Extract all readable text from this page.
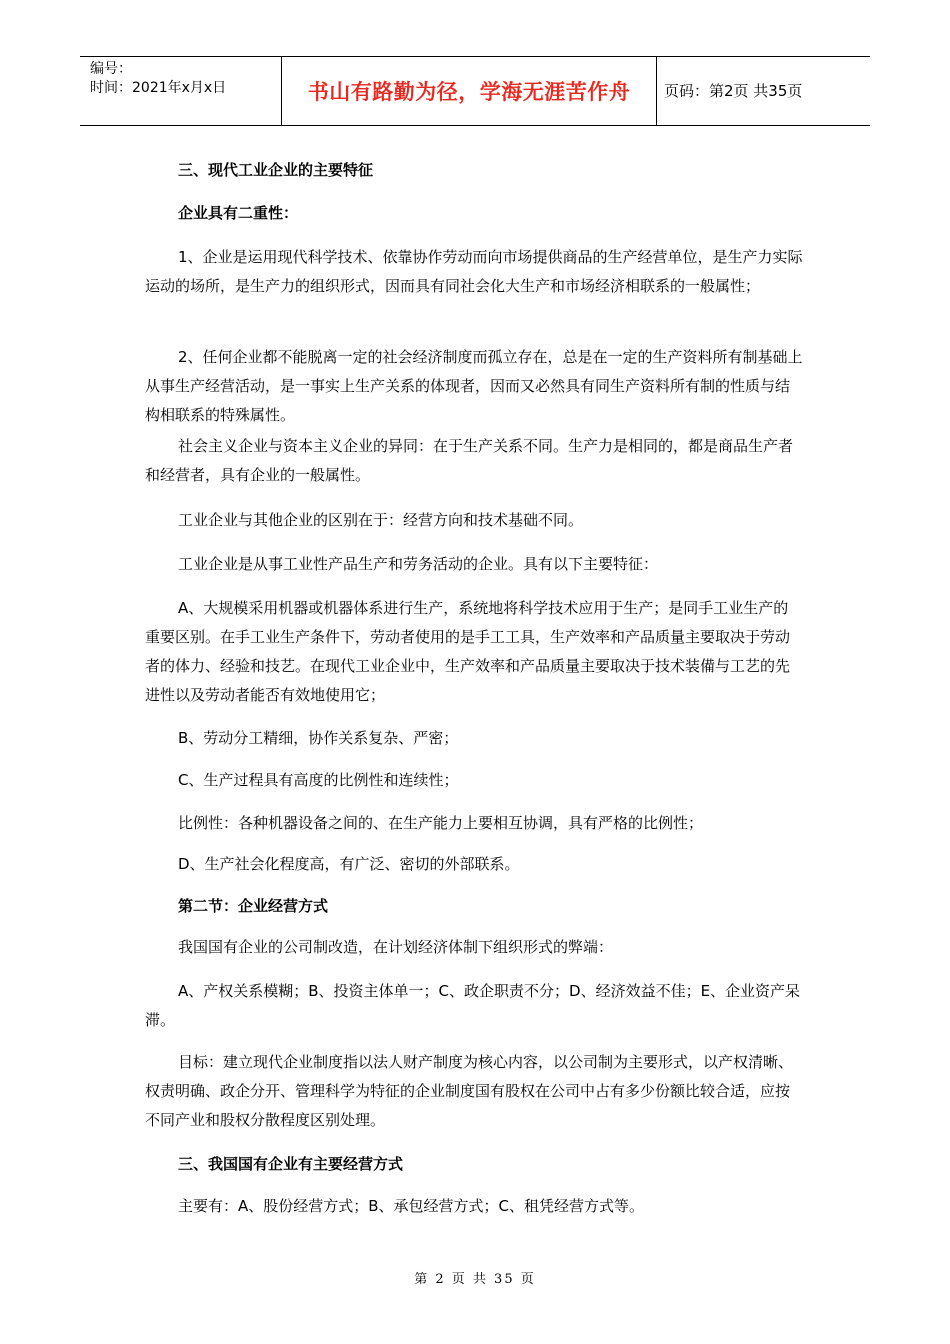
编号：
时间：2021年x月x日	书山有路勤为径，学海无涯苦作舟	页码：第2页 共35页

三、现代工业企业的主要特征

企业具有二重性：

1、企业是运用现代科学技术、依靠协作劳动而向市场提供商品的生产经营单位，是生产力实际运动的场所，是生产力的组织形式，因而具有同社会化大生产和市场经济相联系的一般属性；

2、任何企业都不能脱离一定的社会经济制度而孤立存在，总是在一定的生产资料所有制基础上从事生产经营活动，是一事实上生产关系的体现者，因而又必然具有同生产资料所有制的性质与结构相联系的特殊属性。

社会主义企业与资本主义企业的异同：在于生产关系不同。生产力是相同的，都是商品生产者和经营者，具有企业的一般属性。

工业企业与其他企业的区别在于：经营方向和技术基础不同。

工业企业是从事工业性产品生产和劳务活动的企业。具有以下主要特征：

A、大规模采用机器或机器体系进行生产，系统地将科学技术应用于生产；是同手工业生产的重要区别。在手工业生产条件下，劳动者使用的是手工工具，生产效率和产品质量主要取决于劳动者的体力、经验和技艺。在现代工业企业中，生产效率和产品质量主要取决于技术装備与工艺的先进性以及劳动者能否有效地使用它；

B、劳动分工精细，协作关系复杂、严密；

C、生产过程具有高度的比例性和连续性；

比例性：各种机器设备之间的、在生产能力上要相互协调，具有严格的比例性；

D、生产社会化程度高，有广泛、密切的外部联系。

第二节：企业经营方式

我国国有企业的公司制改造，在计划经济体制下组织形式的弊端：

A、产权关系模糊；B、投资主体单一；C、政企职责不分；D、经济效益不佳；E、企业资产呆滞。

目标：建立现代企业制度指以法人财产制度为核心内容，以公司制为主要形式，以产权清晰、权责明确、政企分开、管理科学为特征的企业制度国有股权在公司中占有多少份额比较合适，应按不同产业和股权分散程度区别处理。

三、我国国有企业有主要经营方式

主要有：A、股份经营方式；B、承包经营方式；C、租凭经营方式等。

第 2 页 共 35 页
